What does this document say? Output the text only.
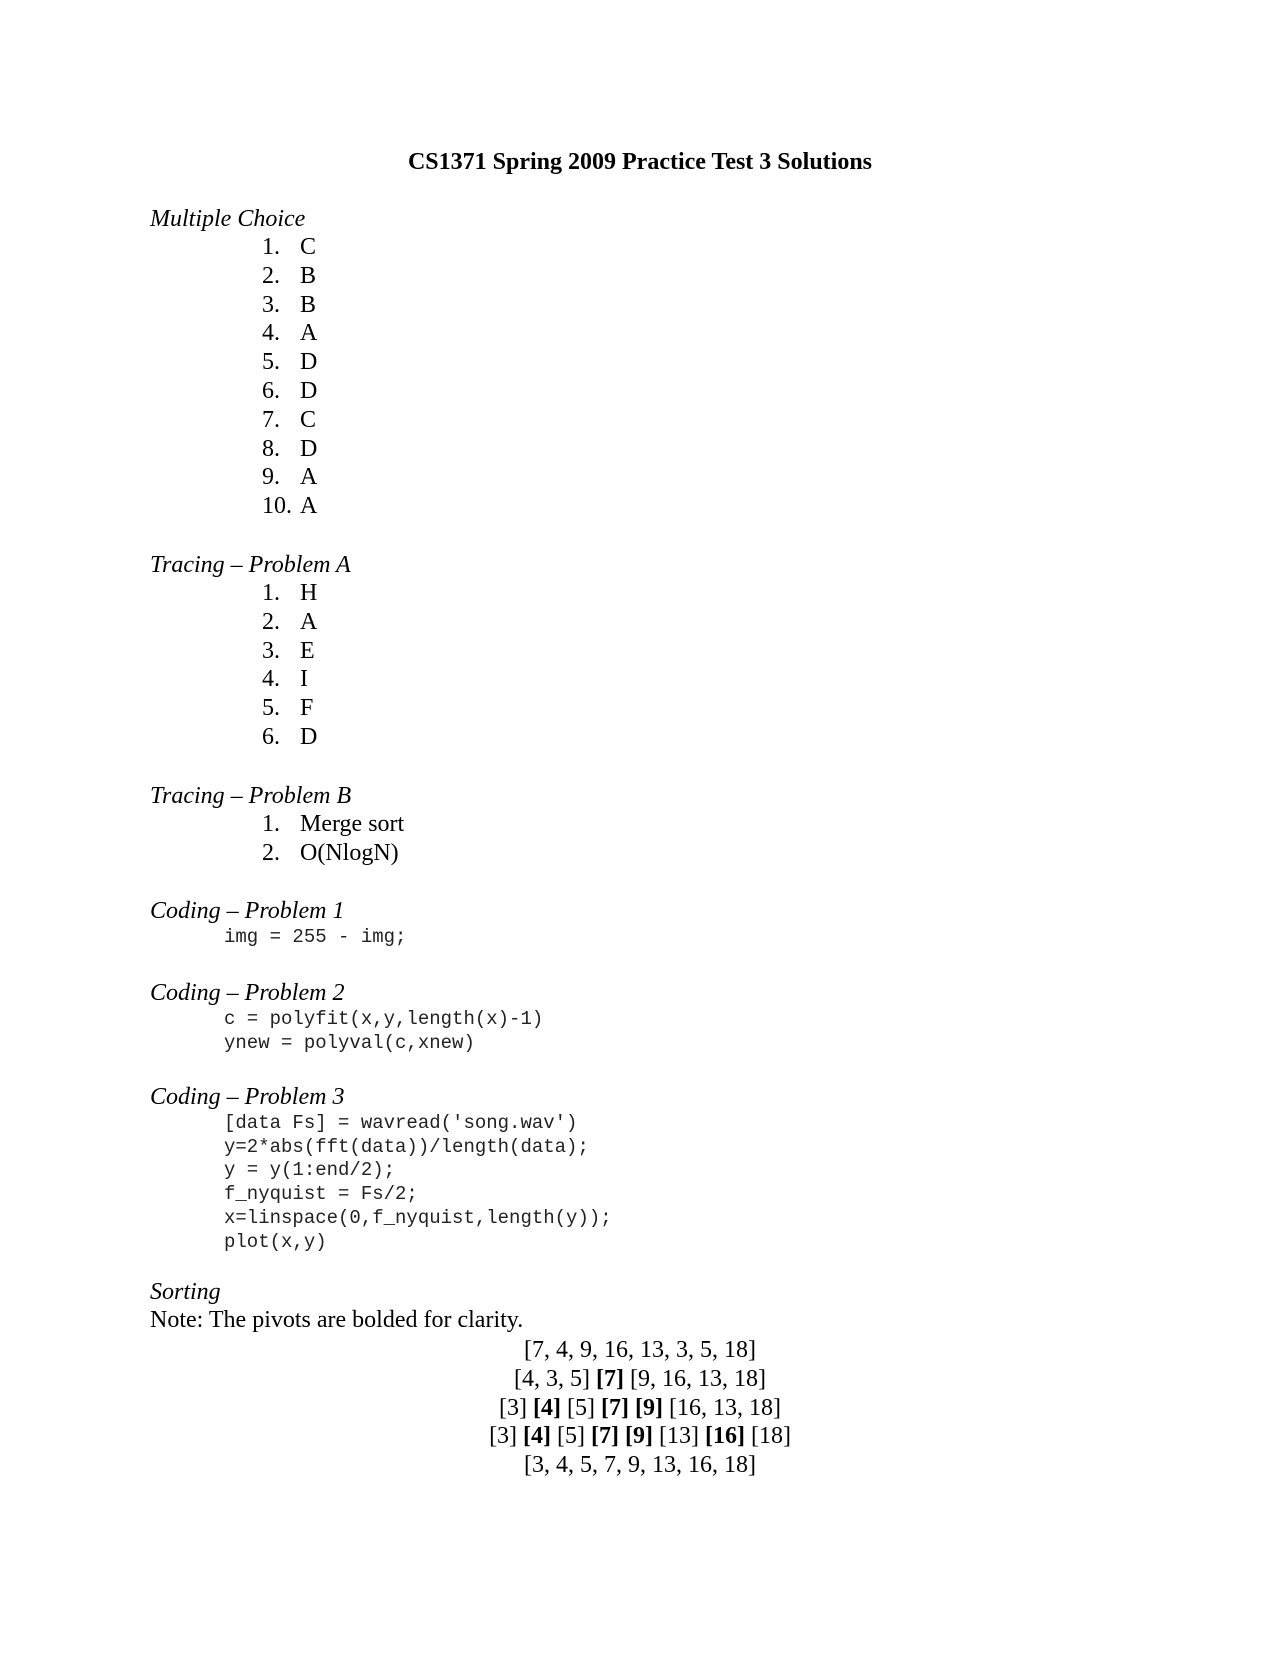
CS1371 Spring 2009 Practice Test 3 Solutions
Multiple Choice
1. C
2. B
3. B
4. A
5. D
6. D
7. C
8. D
9. A
10. A
Tracing – Problem A
1. H
2. A
3. E
4. I
5. F
6. D
Tracing – Problem B
1. Merge sort
2. O(NlogN)
Coding – Problem 1
img = 255 - img;
Coding – Problem 2
c = polyfit(x,y,length(x)-1)
ynew = polyval(c,xnew)
Coding – Problem 3
[data Fs] = wavread('song.wav')
y=2*abs(fft(data))/length(data);
y = y(1:end/2);
f_nyquist = Fs/2;
x=linspace(0,f_nyquist,length(y));
plot(x,y)
Sorting
Note: The pivots are bolded for clarity.
[7, 4, 9, 16, 13, 3, 5, 18]
[4, 3, 5] [7] [9, 16, 13, 18]
[3] [4] [5] [7] [9] [16, 13, 18]
[3] [4] [5] [7] [9] [13] [16] [18]
[3, 4, 5, 7, 9, 13, 16, 18]
